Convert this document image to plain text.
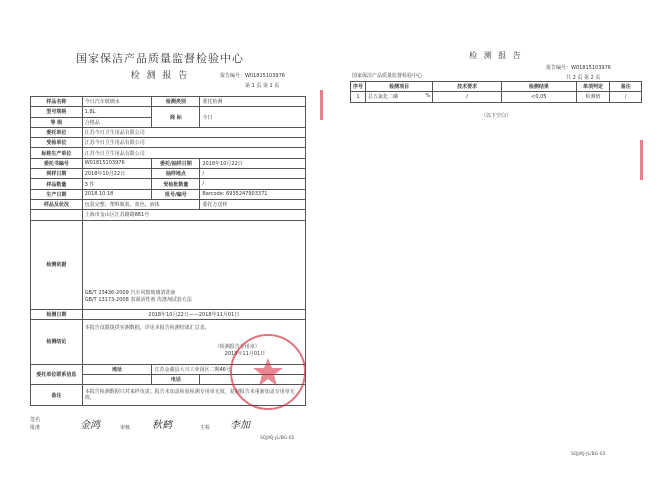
国家保洁产品质量监督检验中心
检 测 报 告	报告编号：W01815103976
第 1 页 第 1 页
样品名称	今日汽车玻璃水	检测类别	委托检测
型号规格	1.8L	商 标	今日
等 级	合格品		
委托单位	江苏今日卫生用品有限公司		
受检单位	江苏今日卫生用品有限公司		
标称生产单位	江苏今日卫生用品有限公司		
委托书编号	W01815103976	委托/抽样日期	2018年10月22日
到样日期	2018年10月22日	抽样地点	/
样品数量	3 件	受检批数量	/
生产日期	2018.10.18	批号/编号	Barcode: 6935247903371
样品及状况	包装完整、塑料瓶装、蓝色、液体		委托方送样
	上海市金山区江苏路路861号		
检测依据	GB/T 23436-2009 汽车风窗玻璃清洗液
GB/T 13173-2008 表面活性剂 洗涤剂试验方法		

检测日期	2018年10月22日——2018年11月01日		
检测结论	本报告仅限提供实测数据，详见本报告检测结果汇总表。
（检测报告专用章）
2018年11月01日		

委托单位联系信息	地址	江苏金湖县大兴工业园区二期46号	
		电话	
备注	本报告检测数据只对来样负责。报告未加盖检验检测专用章无效，复制报告未重新加盖专用章无效。		
批准
签名	金鸿	审核 秋鹤	主检 李加
SQJ/KJ-JL/BG-05
检 测 报 告
报告编号：W01815103976
国家保洁产品质量监督检验中心	共 2 页 第 2 页
序号	检测项目	技术要求	检测结果	单项判定	备注
1	总五氯化二磷 %	/	<0.05	检测值	/
（以下空白）
SQJ/KJ-JL/BG-03
